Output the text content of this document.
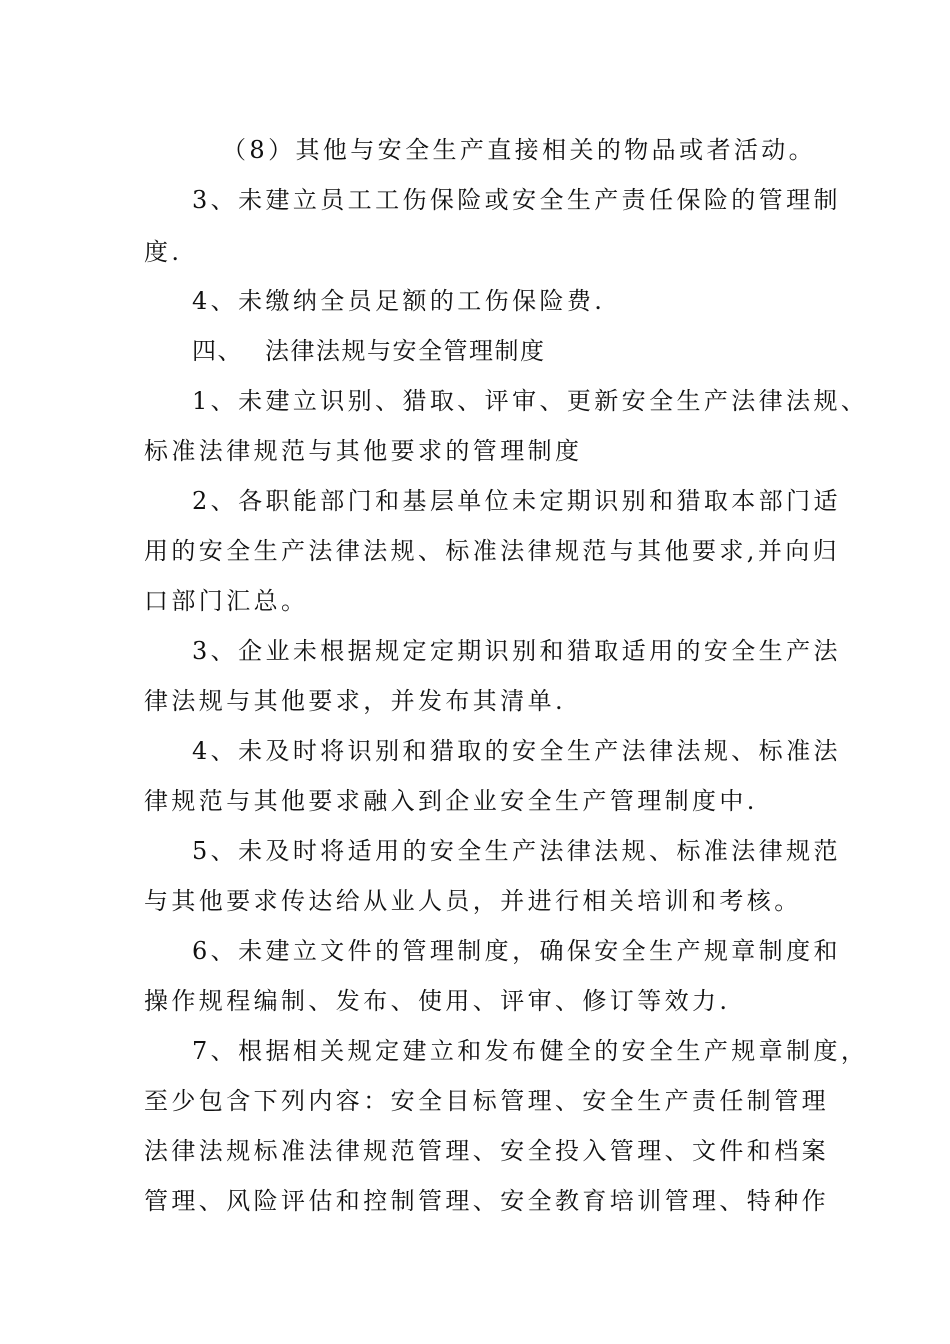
（8）其他与安全生产直接相关的物品或者活动。
3、未建立员工工伤保险或安全生产责任保险的管理制
度.
4、未缴纳全员足额的工伤保险费.
四、 法律法规与安全管理制度
1、未建立识别、猎取、评审、更新安全生产法律法规、
标准法律规范与其他要求的管理制度
2、各职能部门和基层单位未定期识别和猎取本部门适
用的安全生产法律法规、标准法律规范与其他要求,并向归
口部门汇总。
3、企业未根据规定定期识别和猎取适用的安全生产法
律法规与其他要求，并发布其清单.
4、未及时将识别和猎取的安全生产法律法规、标准法
律规范与其他要求融入到企业安全生产管理制度中.
5、未及时将适用的安全生产法律法规、标准法律规范
与其他要求传达给从业人员，并进行相关培训和考核。
6、未建立文件的管理制度，确保安全生产规章制度和
操作规程编制、发布、使用、评审、修订等效力.
7、根据相关规定建立和发布健全的安全生产规章制度，
至少包含下列内容：安全目标管理、安全生产责任制管理
法律法规标准法律规范管理、安全投入管理、文件和档案
管理、风险评估和控制管理、安全教育培训管理、特种作
